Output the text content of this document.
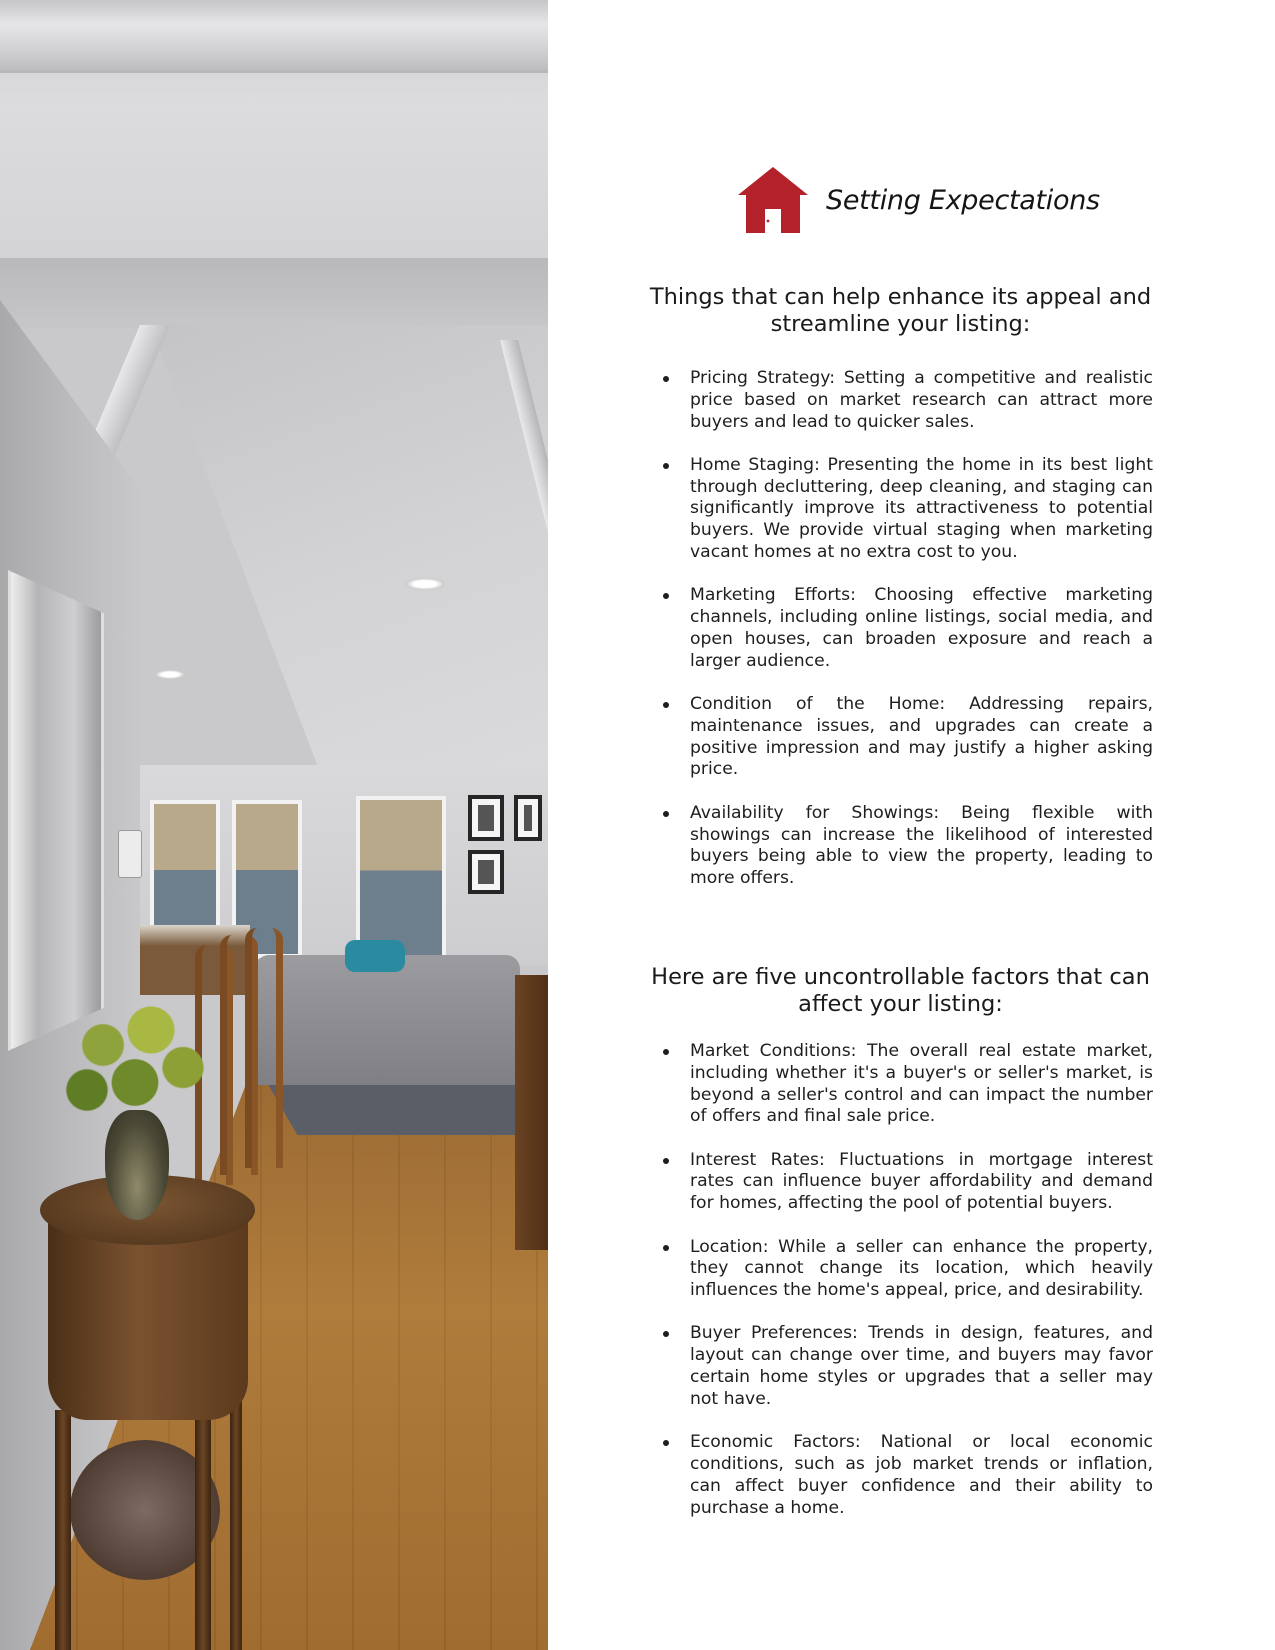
Setting Expectations
Things that can help enhance its appeal and streamline your listing:
Pricing Strategy: Setting a competitive and realistic price based on market research can attract more buyers and lead to quicker sales.
Home Staging: Presenting the home in its best light through decluttering, deep cleaning, and staging can significantly improve its attractiveness to potential buyers. We provide virtual staging when marketing vacant homes at no extra cost to you.
Marketing Efforts: Choosing effective marketing channels, including online listings, social media, and open houses, can broaden exposure and reach a larger audience.
Condition of the Home: Addressing repairs, maintenance issues, and upgrades can create a positive impression and may justify a higher asking price.
Availability for Showings: Being flexible with showings can increase the likelihood of interested buyers being able to view the property, leading to more offers.
Here are five uncontrollable factors that can affect your listing:
Market Conditions: The overall real estate market, including whether it's a buyer's or seller's market, is beyond a seller's control and can impact the number of offers and final sale price.
Interest Rates: Fluctuations in mortgage interest rates can influence buyer affordability and demand for homes, affecting the pool of potential buyers.
Location: While a seller can enhance the property, they cannot change its location, which heavily influences the home's appeal, price, and desirability.
Buyer Preferences: Trends in design, features, and layout can change over time, and buyers may favor certain home styles or upgrades that a seller may not have.
Economic Factors: National or local economic conditions, such as job market trends or inflation, can affect buyer confidence and their ability to purchase a home.
